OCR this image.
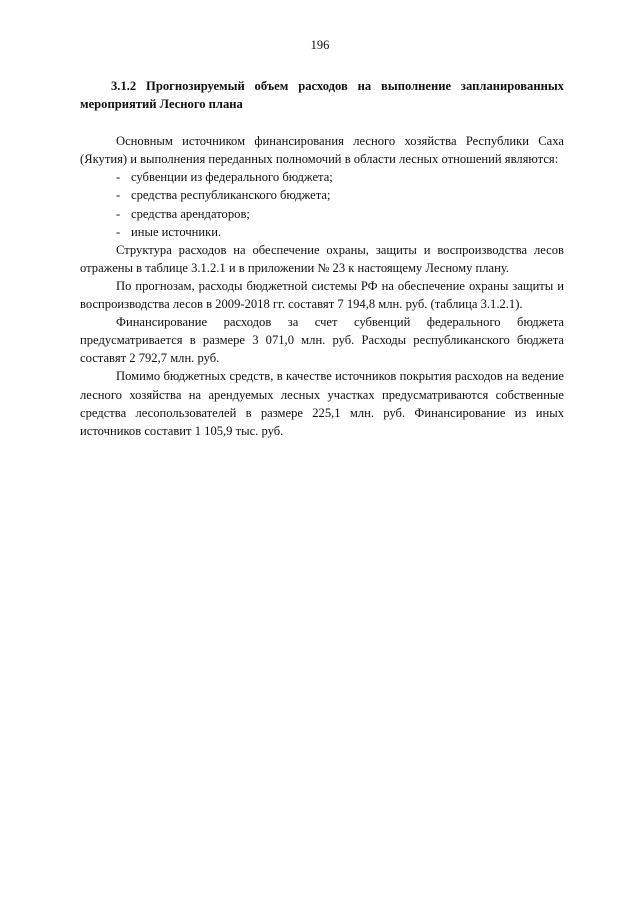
196
3.1.2 Прогнозируемый объем расходов на выполнение запланированных мероприятий Лесного плана

Основным источником финансирования лесного хозяйства Республики Саха (Якутия) и выполнения переданных полномочий в области лесных отношений являются:

- субвенции из федерального бюджета;
- средства республиканского бюджета;
- средства арендаторов;
- иные источники.

Структура расходов на обеспечение охраны, защиты и воспроизводства лесов отражены в таблице 3.1.2.1 и в приложении № 23 к настоящему Лесному плану.

По прогнозам, расходы бюджетной системы РФ на обеспечение охраны защиты и воспроизводства лесов в 2009-2018 гг. составят 7 194,8 млн. руб. (таблица 3.1.2.1).

Финансирование расходов за счет субвенций федерального бюджета предусматривается в размере 3 071,0 млн. руб. Расходы республиканского бюджета составят 2 792,7 млн. руб.

Помимо бюджетных средств, в качестве источников покрытия расходов на ведение лесного хозяйства на арендуемых лесных участках предусматриваются собственные средства лесопользователей в размере 225,1 млн. руб. Финансирование из иных источников составит 1 105,9 тыс. руб.
